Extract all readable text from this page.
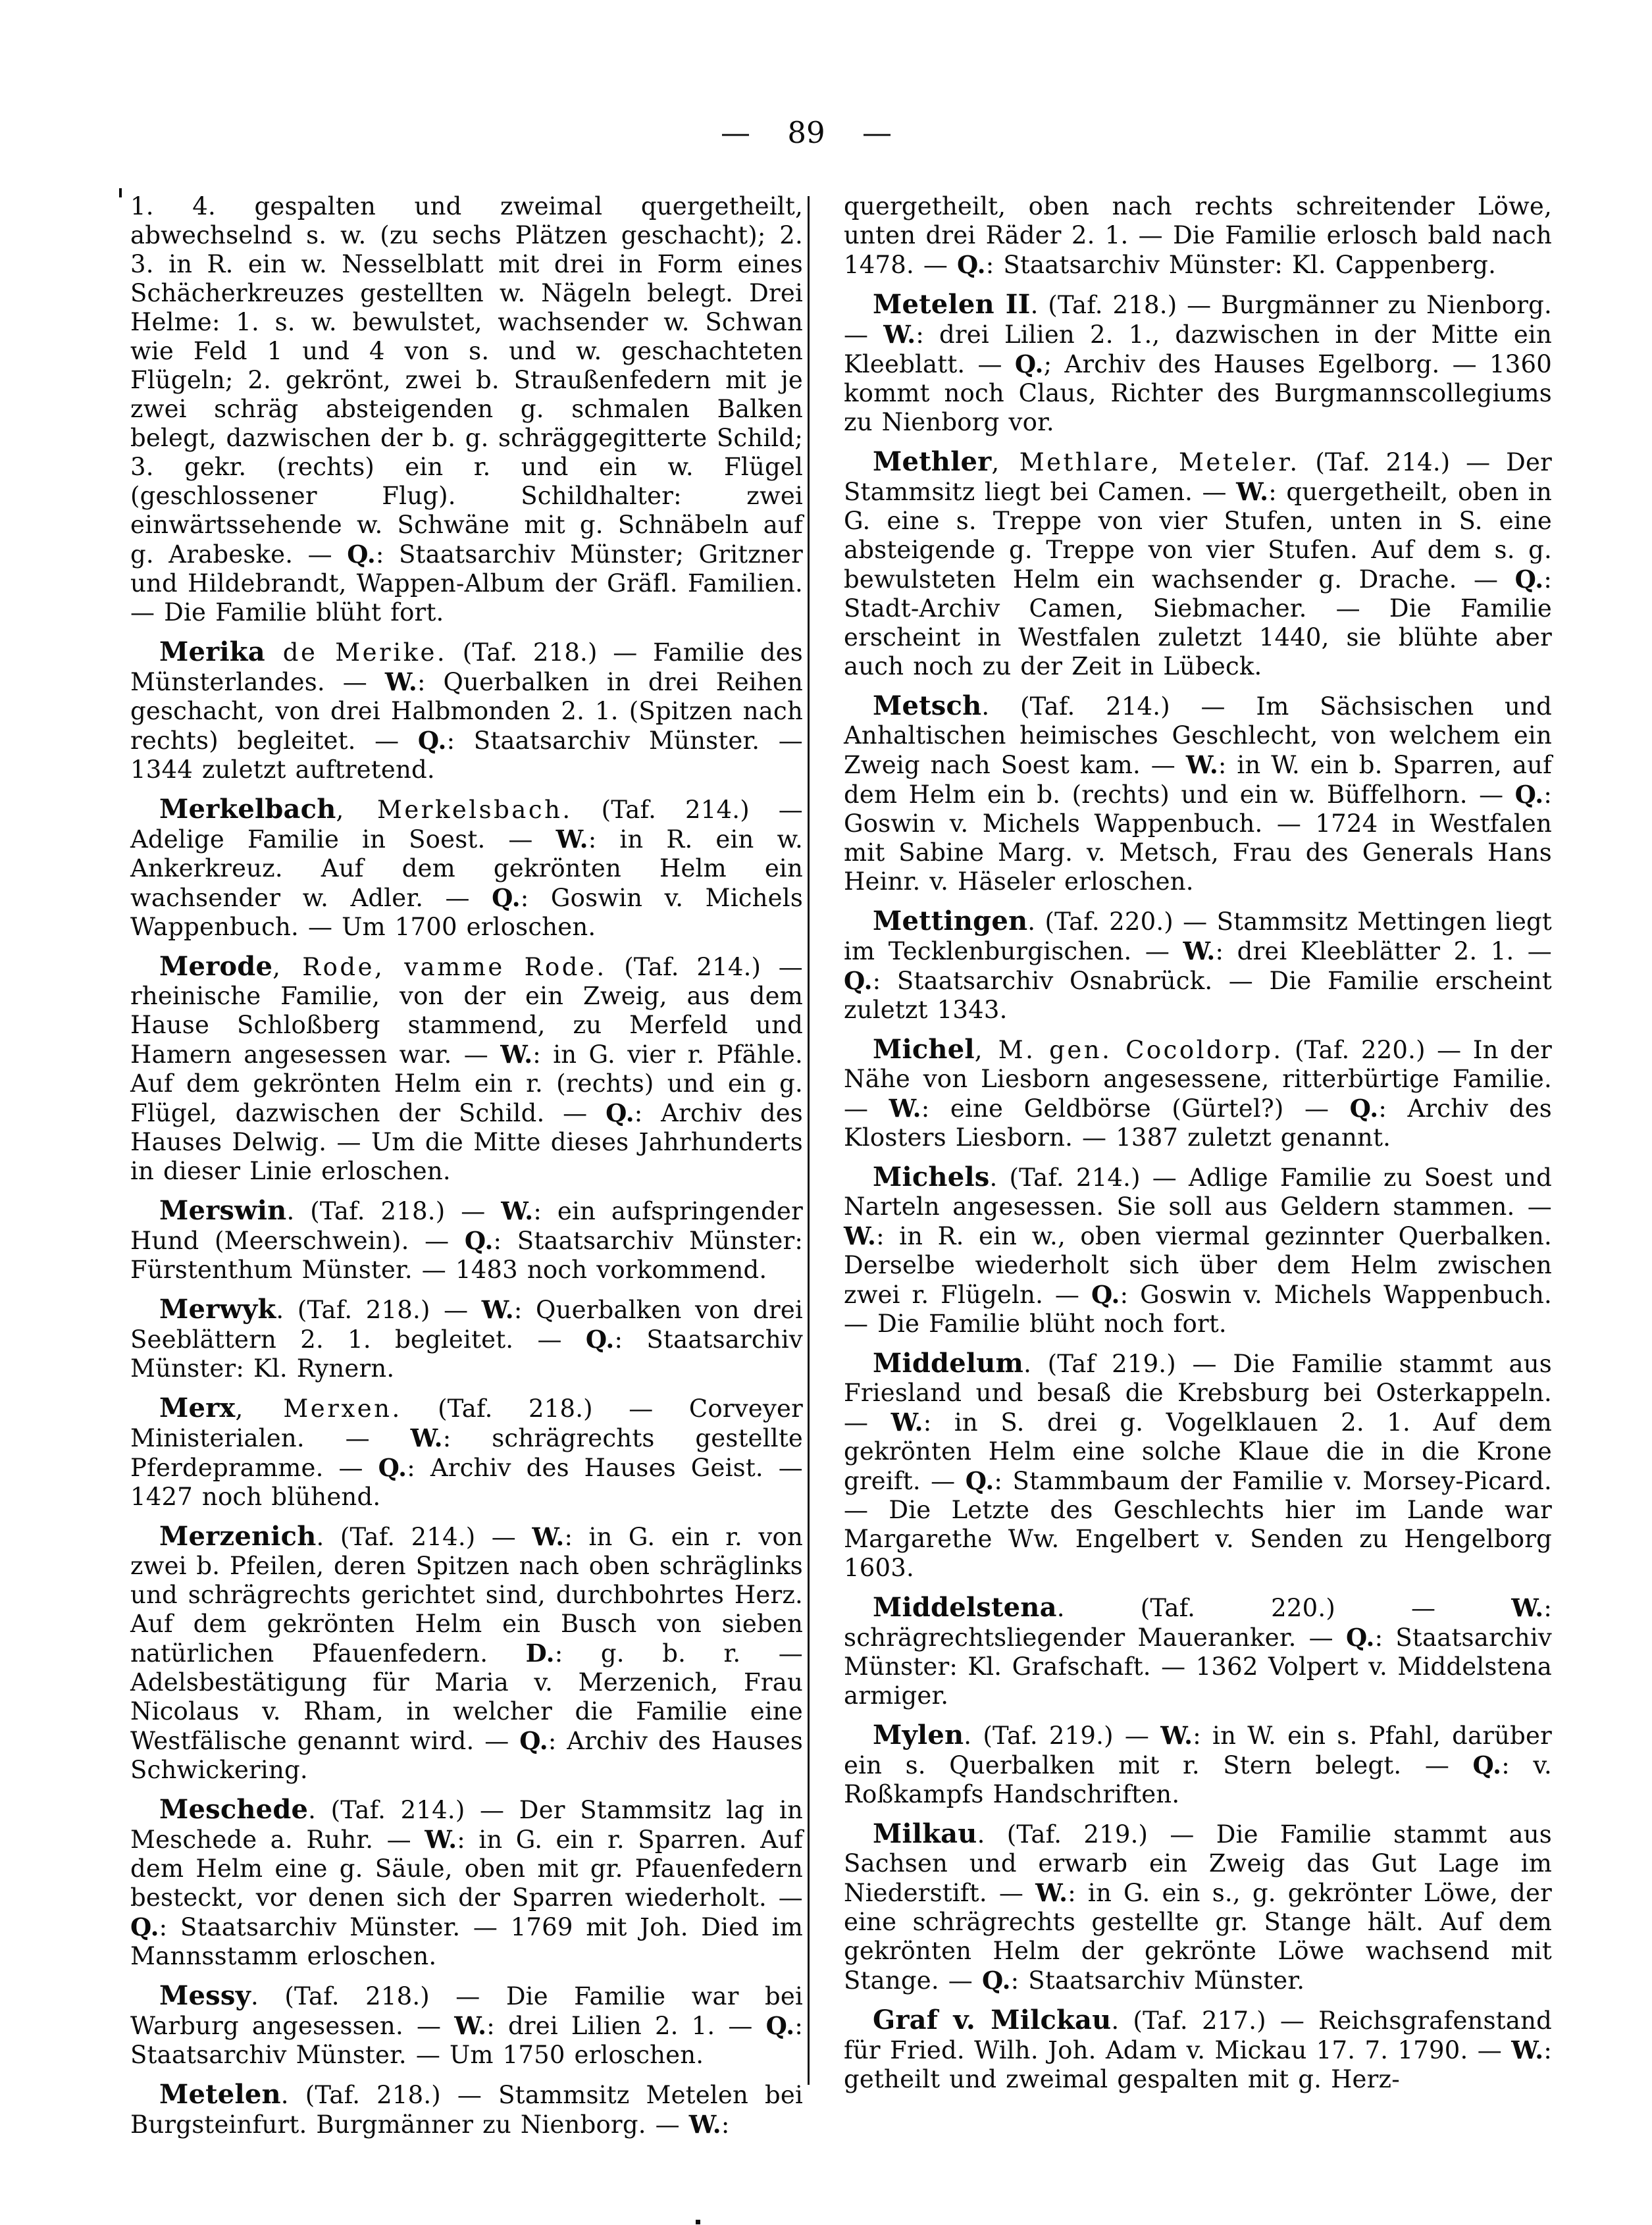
— 89 —

1. 4. gespalten und zweimal quergetheilt, abwechselnd s. w. (zu sechs Plätzen geschacht); 2. 3. in R. ein w. Nesselblatt mit drei in Form eines Schächerkreuzes gestellten w. Nägeln belegt. Drei Helme: 1. s. w. bewulstet, wachsender w. Schwan wie Feld 1 und 4 von s. und w. geschachteten Flügeln; 2. gekrönt, zwei b. Straußenfedern mit je zwei schräg absteigenden g. schmalen Balken belegt, dazwischen der b. g. schräggegitterte Schild; 3. gekr. (rechts) ein r. und ein w. Flügel (geschlossener Flug). Schildhalter: zwei einwärtssehende w. Schwäne mit g. Schnäbeln auf g. Arabeske. — Q.: Staatsarchiv Münster; Gritzner und Hildebrandt, Wappen-Album der Gräfl. Familien. — Die Familie blüht fort.

Merika de Merike. (Taf. 218.) — Familie des Münsterlandes. — W.: Querbalken in drei Reihen geschacht, von drei Halbmonden 2. 1. (Spitzen nach rechts) begleitet. — Q.: Staatsarchiv Münster. — 1344 zuletzt auftretend.

Merkelbach, Merkelsbach. (Taf. 214.) — Adelige Familie in Soest. — W.: in R. ein w. Ankerkreuz. Auf dem gekrönten Helm ein wachsender w. Adler. — Q.: Goswin v. Michels Wappenbuch. — Um 1700 erloschen.

Merode, Rode, vamme Rode. (Taf. 214.) — rheinische Familie, von der ein Zweig, aus dem Hause Schloßberg stammend, zu Merfeld und Hamern angesessen war. — W.: in G. vier r. Pfähle. Auf dem gekrönten Helm ein r. (rechts) und ein g. Flügel, dazwischen der Schild. — Q.: Archiv des Hauses Delwig. — Um die Mitte dieses Jahrhunderts in dieser Linie erloschen.

Merswin. (Taf. 218.) — W.: ein aufspringender Hund (Meerschwein). — Q.: Staatsarchiv Münster: Fürstenthum Münster. — 1483 noch vorkommend.

Merwyk. (Taf. 218.) — W.: Querbalken von drei Seeblättern 2. 1. begleitet. — Q.: Staatsarchiv Münster: Kl. Rynern.

Merx, Merxen. (Taf. 218.) — Corveyer Ministerialen. — W.: schrägrechts gestellte Pferdepramme. — Q.: Archiv des Hauses Geist. — 1427 noch blühend.

Merzenich. (Taf. 214.) — W.: in G. ein r. von zwei b. Pfeilen, deren Spitzen nach oben schräglinks und schrägrechts gerichtet sind, durchbohrtes Herz. Auf dem gekrönten Helm ein Busch von sieben natürlichen Pfauenfedern. D.: g. b. r. — Adelsbestätigung für Maria v. Merzenich, Frau Nicolaus v. Rham, in welcher die Familie eine Westfälische genannt wird. — Q.: Archiv des Hauses Schwickering.

Meschede. (Taf. 214.) — Der Stammsitz lag in Meschede a. Ruhr. — W.: in G. ein r. Sparren. Auf dem Helm eine g. Säule, oben mit gr. Pfauenfedern besteckt, vor denen sich der Sparren wiederholt. — Q.: Staatsarchiv Münster. — 1769 mit Joh. Died im Mannsstamm erloschen.

Messy. (Taf. 218.) — Die Familie war bei Warburg angesessen. — W.: drei Lilien 2. 1. — Q.: Staatsarchiv Münster. — Um 1750 erloschen.

Metelen. (Taf. 218.) — Stammsitz Metelen bei Burgsteinfurt. Burgmänner zu Nienborg. — W.:

quergetheilt, oben nach rechts schreitender Löwe, unten drei Räder 2. 1. — Die Familie erlosch bald nach 1478. — Q.: Staatsarchiv Münster: Kl. Cappenberg.

Metelen II. (Taf. 218.) — Burgmänner zu Nienborg. — W.: drei Lilien 2. 1., dazwischen in der Mitte ein Kleeblatt. — Q.; Archiv des Hauses Egelborg. — 1360 kommt noch Claus, Richter des Burgmannscollegiums zu Nienborg vor.

Methler, Methlare, Meteler. (Taf. 214.) — Der Stammsitz liegt bei Camen. — W.: quergetheilt, oben in G. eine s. Treppe von vier Stufen, unten in S. eine absteigende g. Treppe von vier Stufen. Auf dem s. g. bewulsteten Helm ein wachsender g. Drache. — Q.: Stadt-Archiv Camen, Siebmacher. — Die Familie erscheint in Westfalen zuletzt 1440, sie blühte aber auch noch zu der Zeit in Lübeck.

Metsch. (Taf. 214.) — Im Sächsischen und Anhaltischen heimisches Geschlecht, von welchem ein Zweig nach Soest kam. — W.: in W. ein b. Sparren, auf dem Helm ein b. (rechts) und ein w. Büffelhorn. — Q.: Goswin v. Michels Wappenbuch. — 1724 in Westfalen mit Sabine Marg. v. Metsch, Frau des Generals Hans Heinr. v. Häseler erloschen.

Mettingen. (Taf. 220.) — Stammsitz Mettingen liegt im Tecklenburgischen. — W.: drei Kleeblätter 2. 1. — Q.: Staatsarchiv Osnabrück. — Die Familie erscheint zuletzt 1343.

Michel, M. gen. Cocoldorp. (Taf. 220.) — In der Nähe von Liesborn angesessene, ritterbürtige Familie. — W.: eine Geldbörse (Gürtel?) — Q.: Archiv des Klosters Liesborn. — 1387 zuletzt genannt.

Michels. (Taf. 214.) — Adlige Familie zu Soest und Narteln angesessen. Sie soll aus Geldern stammen. — W.: in R. ein w., oben viermal gezinnter Querbalken. Derselbe wiederholt sich über dem Helm zwischen zwei r. Flügeln. — Q.: Goswin v. Michels Wappenbuch. — Die Familie blüht noch fort.

Middelum. (Taf 219.) — Die Familie stammt aus Friesland und besaß die Krebsburg bei Osterkappeln. — W.: in S. drei g. Vogelklauen 2. 1. Auf dem gekrönten Helm eine solche Klaue die in die Krone greift. — Q.: Stammbaum der Familie v. Morsey-Picard. — Die Letzte des Geschlechts hier im Lande war Margarethe Ww. Engelbert v. Senden zu Hengelborg 1603.

Middelstena. (Taf. 220.) — W.: schrägrechtsliegender Maueranker. — Q.: Staatsarchiv Münster: Kl. Grafschaft. — 1362 Volpert v. Middelstena armiger.

Mylen. (Taf. 219.) — W.: in W. ein s. Pfahl, darüber ein s. Querbalken mit r. Stern belegt. — Q.: v. Roßkampfs Handschriften.

Milkau. (Taf. 219.) — Die Familie stammt aus Sachsen und erwarb ein Zweig das Gut Lage im Niederstift. — W.: in G. ein s., g. gekrönter Löwe, der eine schrägrechts gestellte gr. Stange hält. Auf dem gekrönten Helm der gekrönte Löwe wachsend mit Stange. — Q.: Staatsarchiv Münster.

Graf v. Milckau. (Taf. 217.) — Reichsgrafenstand für Fried. Wilh. Joh. Adam v. Mickau 17. 7. 1790. — W.: getheilt und zweimal gespalten mit g. Herz-
